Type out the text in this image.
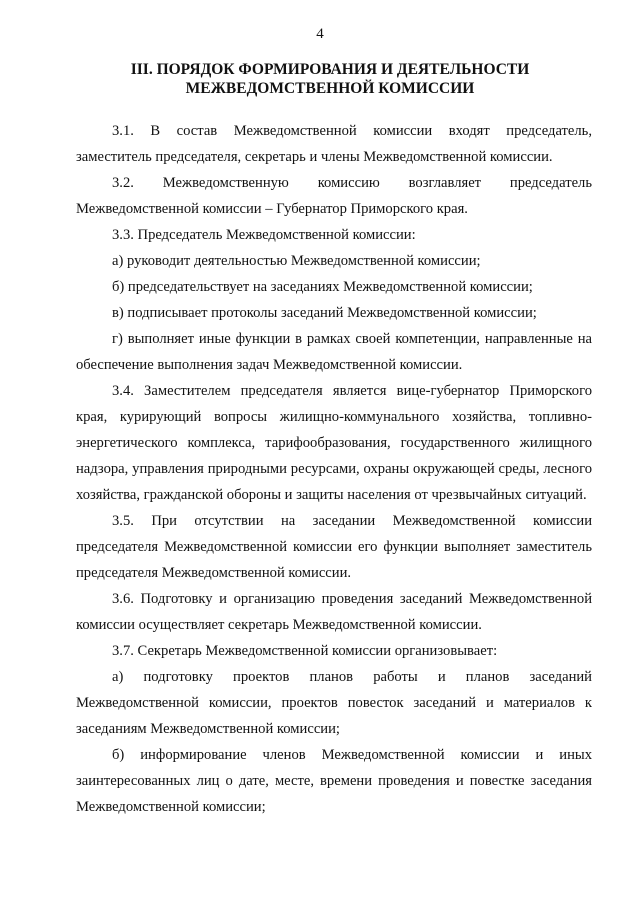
4
III. ПОРЯДОК ФОРМИРОВАНИЯ И ДЕЯТЕЛЬНОСТИ
МЕЖВЕДОМСТВЕННОЙ КОМИССИИ

3.1. В состав Межведомственной комиссии входят председатель, заместитель председателя, секретарь и члены Межведомственной комиссии.

3.2. Межведомственную комиссию возглавляет председатель Межведомственной комиссии – Губернатор Приморского края.

3.3. Председатель Межведомственной комиссии:

а) руководит деятельностью Межведомственной комиссии;

б) председательствует на заседаниях Межведомственной комиссии;

в) подписывает протоколы заседаний Межведомственной комиссии;

г) выполняет иные функции в рамках своей компетенции, направленные на обеспечение выполнения задач Межведомственной комиссии.

3.4. Заместителем председателя является вице-губернатор Приморского края, курирующий вопросы жилищно-коммунального хозяйства, топливно-энергетического комплекса, тарифообразования, государственного жилищного надзора, управления природными ресурсами, охраны окружающей среды, лесного хозяйства, гражданской обороны и защиты населения от чрезвычайных ситуаций.

3.5. При отсутствии на заседании Межведомственной комиссии председателя Межведомственной комиссии его функции выполняет заместитель председателя Межведомственной комиссии.

3.6. Подготовку и организацию проведения заседаний Межведомственной комиссии осуществляет секретарь Межведомственной комиссии.

3.7. Секретарь Межведомственной комиссии организовывает:

а) подготовку проектов планов работы и планов заседаний Межведомственной комиссии, проектов повесток заседаний и материалов к заседаниям Межведомственной комиссии;

б) информирование членов Межведомственной комиссии и иных заинтересованных лиц о дате, месте, времени проведения и повестке заседания Межведомственной комиссии;
